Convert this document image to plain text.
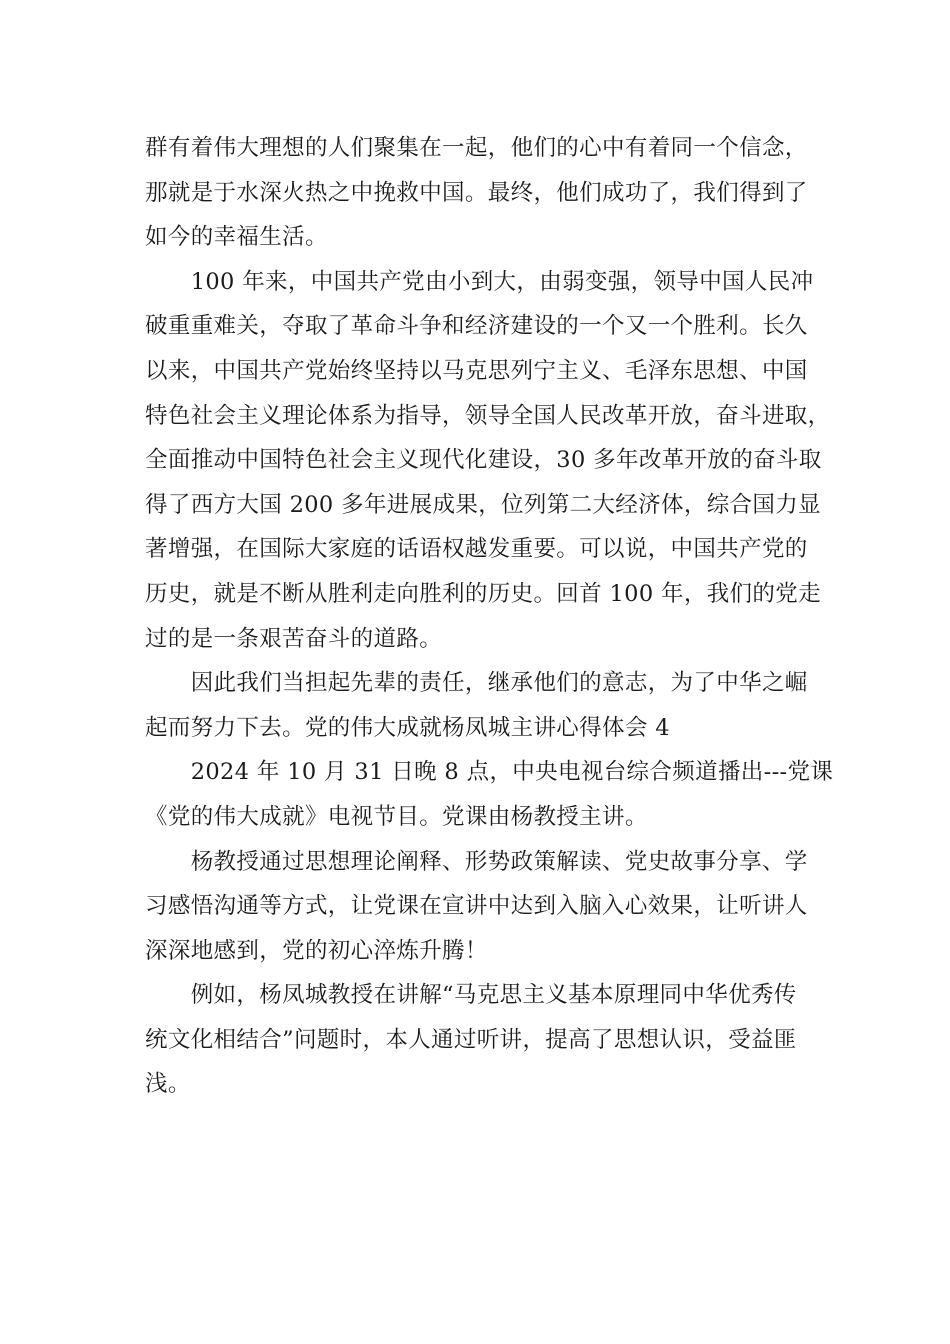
群有着伟大理想的人们聚集在一起，他们的心中有着同一个信念，
那就是于水深火热之中挽救中国。最终，他们成功了，我们得到了
如今的幸福生活。
　　100 年来，中国共产党由小到大，由弱变强，领导中国人民冲
破重重难关，夺取了革命斗争和经济建设的一个又一个胜利。长久
以来，中国共产党始终坚持以马克思列宁主义、毛泽东思想、中国
特色社会主义理论体系为指导，领导全国人民改革开放，奋斗进取，
全面推动中国特色社会主义现代化建设，30 多年改革开放的奋斗取
得了西方大国 200 多年进展成果，位列第二大经济体，综合国力显
著增强，在国际大家庭的话语权越发重要。可以说，中国共产党的
历史，就是不断从胜利走向胜利的历史。回首 100 年，我们的党走
过的是一条艰苦奋斗的道路。
　　因此我们当担起先辈的责任，继承他们的意志，为了中华之崛
起而努力下去。党的伟大成就杨凤城主讲心得体会 4
　　2024 年 10 月 31 日晚 8 点，中央电视台综合频道播出---党课
《党的伟大成就》电视节目。党课由杨教授主讲。
　　杨教授通过思想理论阐释、形势政策解读、党史故事分享、学
习感悟沟通等方式，让党课在宣讲中达到入脑入心效果，让听讲人
深深地感到，党的初心淬炼升腾！
　　例如，杨凤城教授在讲解“马克思主义基本原理同中华优秀传
统文化相结合”问题时，本人通过听讲，提高了思想认识，受益匪
浅。
